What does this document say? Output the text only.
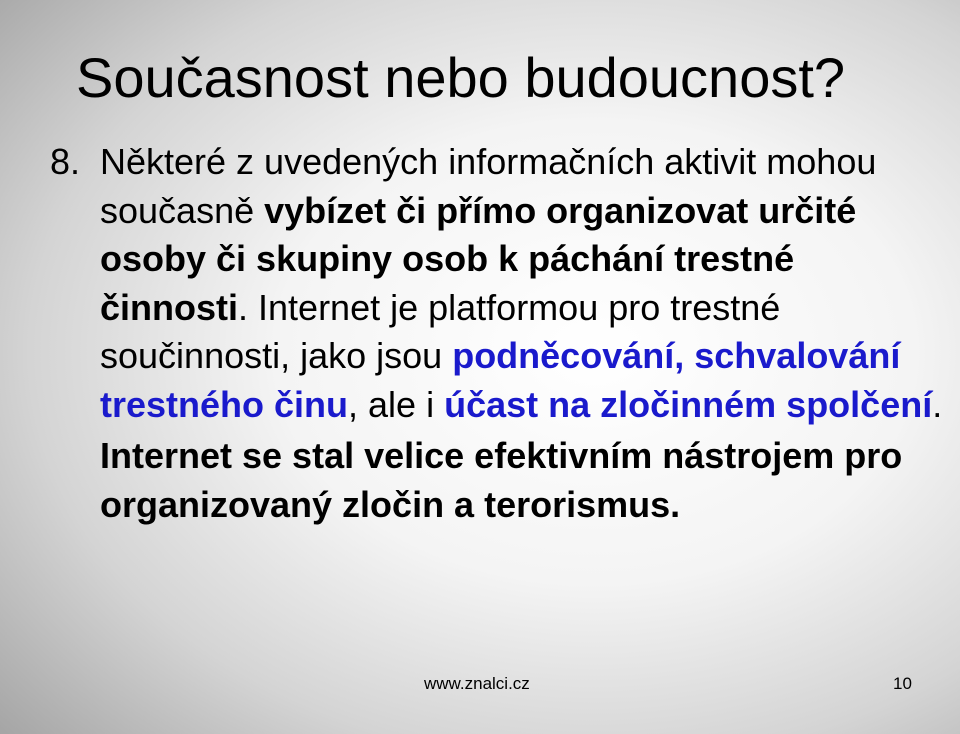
Současnost nebo budoucnost?
8. Některé z uvedených informačních aktivit mohou současně vybízet či přímo organizovat určité osoby či skupiny osob k páchání trestné činnosti. Internet je platformou pro trestné součinnosti, jako jsou podněcování, schvalování trestného činu, ale i účast na zločinném spolčení.
Internet se stal velice efektivním nástrojem pro organizovaný zločin a terorismus.
www.znalci.cz	10
